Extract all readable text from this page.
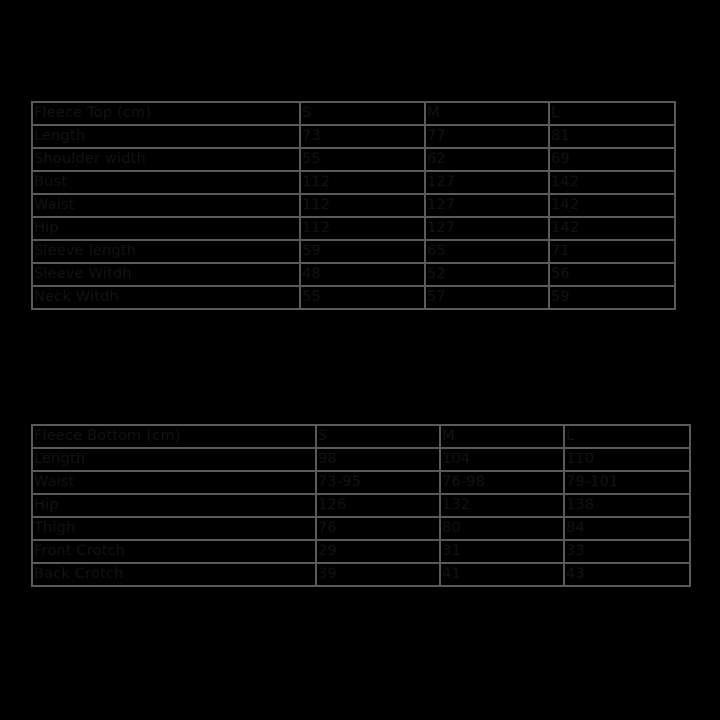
Fleece Top (cm)	S	M	L
Length	73	77	81
Shoulder width	55	62	69
Bust	112	127	142
Waist	112	127	142
Hip	112	127	142
Sleeve length	59	65	71
Sleeve Witdh	48	52	56
Neck Witdh	55	57	59
Fleece Bottom (cm)	S	M	L
Length	98	104	110
Waist	73-95	76-98	79-101
Hip	126	132	138
Thigh	76	80	84
Front Crotch	29	31	33
Back Crotch	39	41	43
